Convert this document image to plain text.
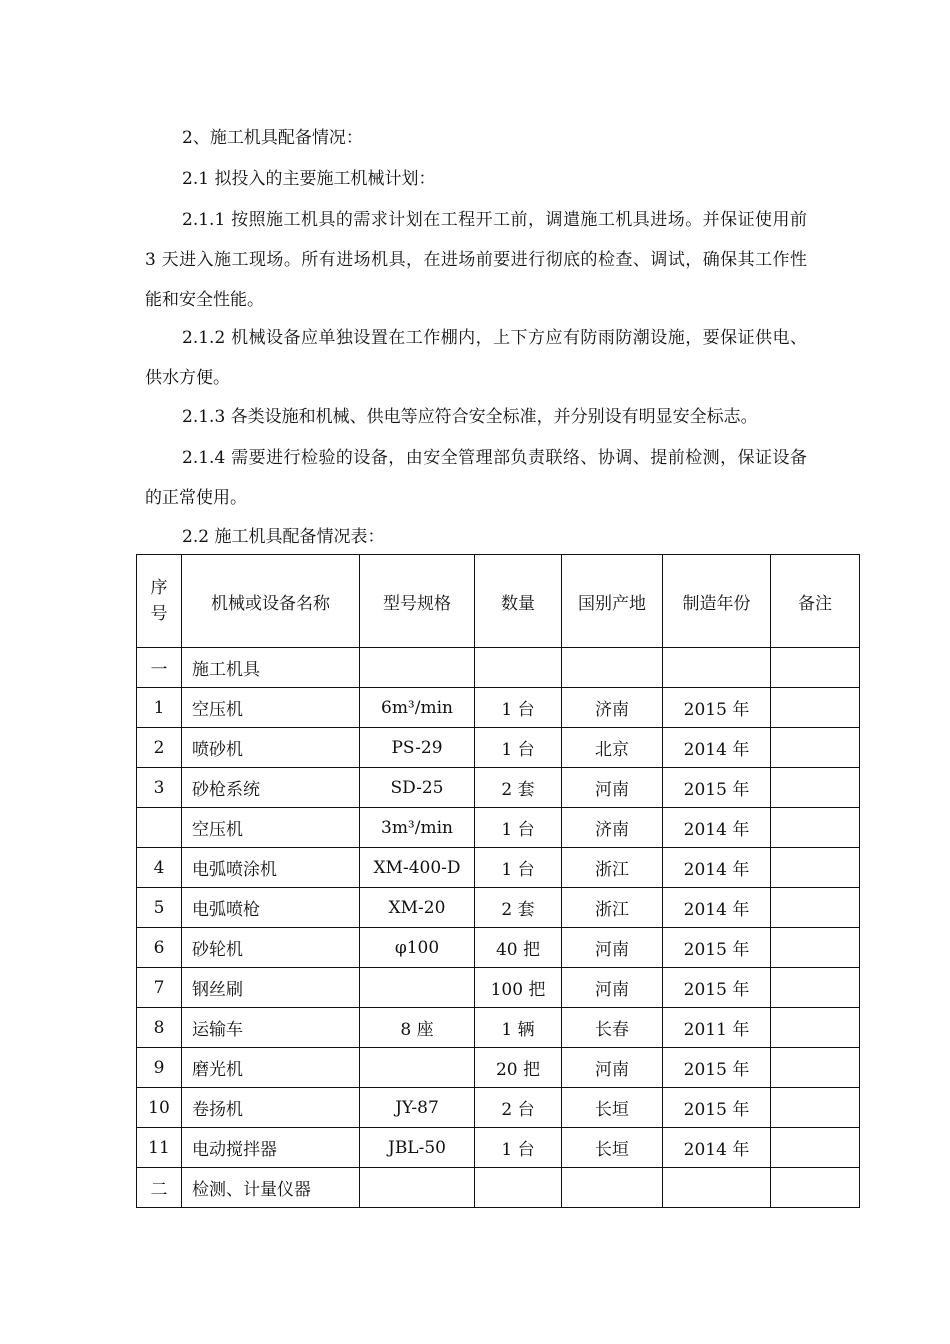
2、施工机具配备情况：

2.1 拟投入的主要施工机械计划：

2.1.1 按照施工机具的需求计划在工程开工前，调遣施工机具进场。并保证使用前 3 天进入施工现场。所有进场机具，在进场前要进行彻底的检查、调试，确保其工作性能和安全性能。

2.1.2 机械设备应单独设置在工作棚内，上下方应有防雨防潮设施，要保证供电、供水方便。

2.1.3 各类设施和机械、供电等应符合安全标准，并分别设有明显安全标志。

2.1.4 需要进行检验的设备，由安全管理部负责联络、协调、提前检测，保证设备的正常使用。

2.2 施工机具配备情况表：

序
号	机械或设备名称	型号规格	数量	国别产地	制造年份	备注
一	施工机具					
1	空压机	6m³/min	1 台	济南	2015 年	
2	喷砂机	PS-29	1 台	北京	2014 年	
3	砂枪系统	SD-25	2 套	河南	2015 年	
	空压机	3m³/min	1 台	济南	2014 年	
4	电弧喷涂机	XM-400-D	1 台	浙江	2014 年	
5	电弧喷枪	XM-20	2 套	浙江	2014 年	
6	砂轮机	φ100	40 把	河南	2015 年	
7	钢丝刷		100 把	河南	2015 年	
8	运输车	8 座	1 辆	长春	2011 年	
9	磨光机		20 把	河南	2015 年	
10	卷扬机	JY-87	2 台	长垣	2015 年	
11	电动搅拌器	JBL-50	1 台	长垣	2014 年	
二	检测、计量仪器					
